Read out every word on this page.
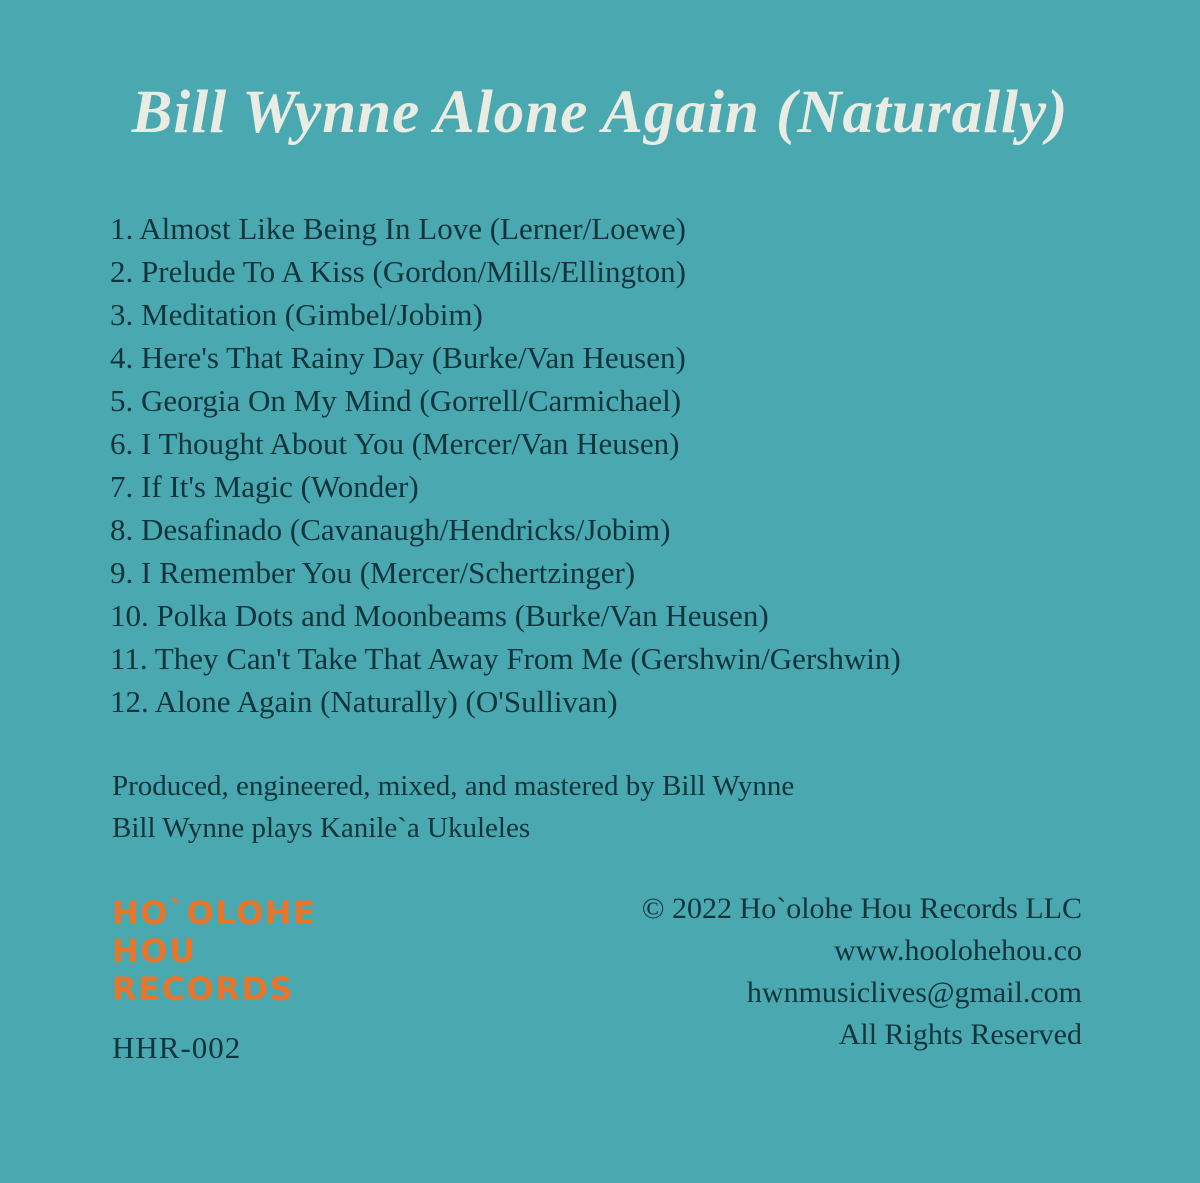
Bill Wynne Alone Again (Naturally)
1. Almost Like Being In Love (Lerner/Loewe)
2. Prelude To A Kiss (Gordon/Mills/Ellington)
3. Meditation (Gimbel/Jobim)
4. Here's That Rainy Day (Burke/Van Heusen)
5. Georgia On My Mind (Gorrell/Carmichael)
6. I Thought About You (Mercer/Van Heusen)
7. If It's Magic (Wonder)
8. Desafinado (Cavanaugh/Hendricks/Jobim)
9. I Remember You (Mercer/Schertzinger)
10. Polka Dots and Moonbeams (Burke/Van Heusen)
11. They Can't Take That Away From Me (Gershwin/Gershwin)
12. Alone Again (Naturally) (O'Sullivan)
Produced, engineered, mixed, and mastered by Bill Wynne
Bill Wynne plays Kanile`a Ukuleles
HO`OLOHE
HOU
RECORDS
HHR-002
© 2022 Ho`olohe Hou Records LLC
www.hoolohehou.co
hwnmusiclives@gmail.com
All Rights Reserved
